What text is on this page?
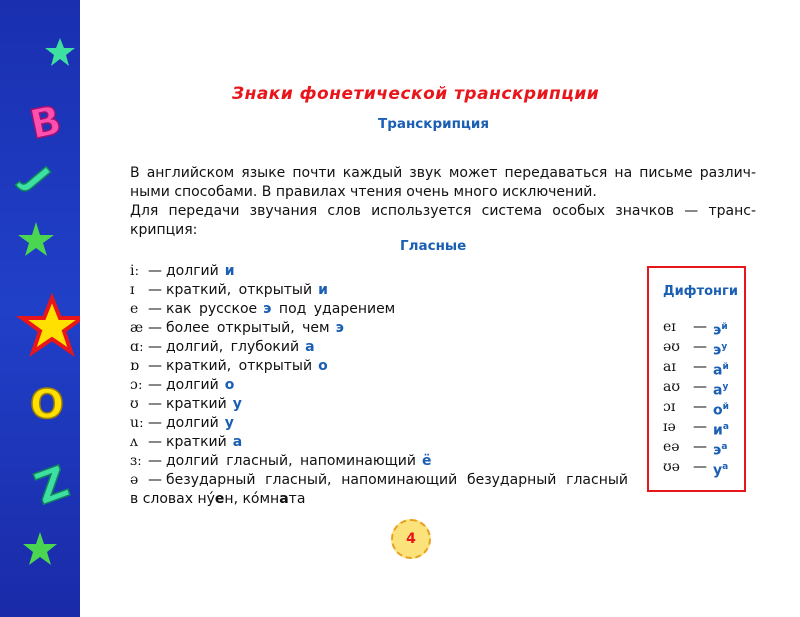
В
J
O
Z
Знаки фонетической транскрипции
Транскрипция
В английском языке почти каждый звук может передаваться на письме различ-
ными способами. В правилах чтения очень много исключений.
Для передачи звучания слов используется система особых значков — транс-
крипция:
Гласные
iː — долгий и
ɪ — краткий, открытый и
e — как русское э под ударением
æ — более открытый, чем э
ɑː — долгий, глубокий а
ɒ — краткий, открытый о
ɔː — долгий о
ʊ — краткий у
uː — долгий у
ʌ — краткий а
ɜː — долгий гласный, напоминающий ё
ə — безударный гласный, напоминающий безударный гласный
в словах ну́ен, ко́мната
Дифтонги
eɪ — $э^й$
əʊ — $э^у$
aɪ — $а^й$
aʊ — $а^у$
ɔɪ — $о^й$
ɪə — $и^а$
eə — $э^а$
ʊə — $у^а$
4
